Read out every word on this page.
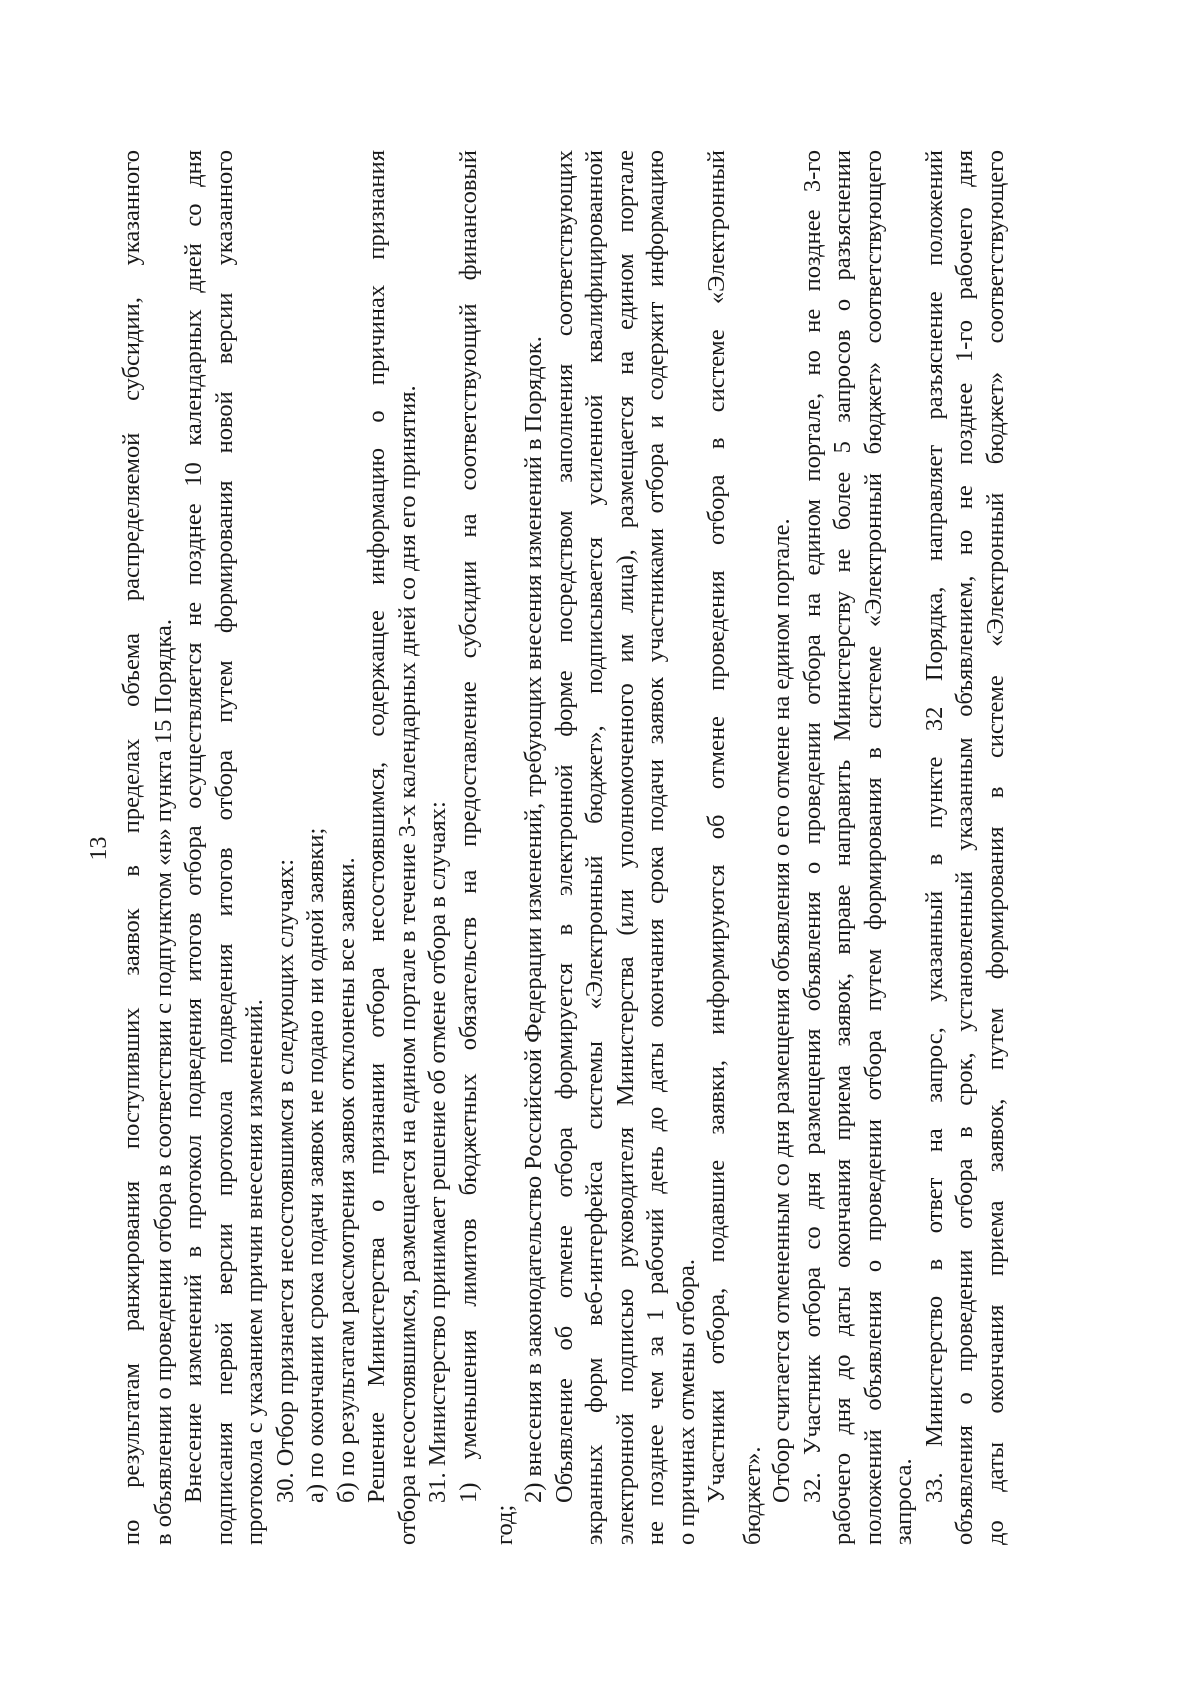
13 по результатам ранжирования поступивших заявок в пределах объема распределяемой субсидии, указанного в объявлении о проведении отбора в соответствии с подпунктом «н» пункта 15 Порядка. Внесение изменений в протокол подведения итогов отбора осуществляется не позднее 10 календарных дней со дня подписания первой версии протокола подведения итогов отбора путем формирования новой версии указанного протокола с указанием причин внесения изменений. 30. Отбор признается несостоявшимся в следующих случаях: а) по окончании срока подачи заявок не подано ни одной заявки; б) по результатам рассмотрения заявок отклонены все заявки. Решение Министерства о признании отбора несостоявшимся, содержащее информацию о причинах признания отбора несостоявшимся, размещается на едином портале в течение 3-х календарных дней со дня его принятия. 31. Министерство принимает решение об отмене отбора в случаях: 1) уменьшения лимитов бюджетных обязательств на предоставление субсидии на соответствующий финансовый
год;
2) внесения в законодательство Российской Федерации изменений, требующих внесения изменений в Порядок. Объявление об отмене отбора формируется в электронной форме посредством заполнения соответствующих экранных форм веб-интерфейса системы «Электронный бюджет», подписывается усиленной квалифицированной электронной подписью руководителя Министерства (или уполномоченного им лица), размещается на едином портале не позднее чем за 1 рабочий день до даты окончания срока подачи заявок участниками отбора и содержит информацию о причинах отмены отбора. Участники отбора, подавшие заявки, информируются об отмене проведения отбора в системе «Электронный бюджет». Отбор считается отмененным со дня размещения объявления о его отмене на едином портале. 32. Участник отбора со дня размещения объявления о проведении отбора на едином портале, но не позднее 3-го рабочего дня до даты окончания приема заявок, вправе направить Министерству не более 5 запросов о разъяснении положений объявления о проведении отбора путем формирования в системе «Электронный бюджет» соответствующего запроса. 33. Министерство в ответ на запрос, указанный в пункте 32 Порядка, направляет разъяснение положений объявления о проведении отбора в срок, установленный указанным объявлением, но не позднее 1-го рабочего дня до даты окончания приема заявок, путем формирования в системе «Электронный бюджет» соответствующего
